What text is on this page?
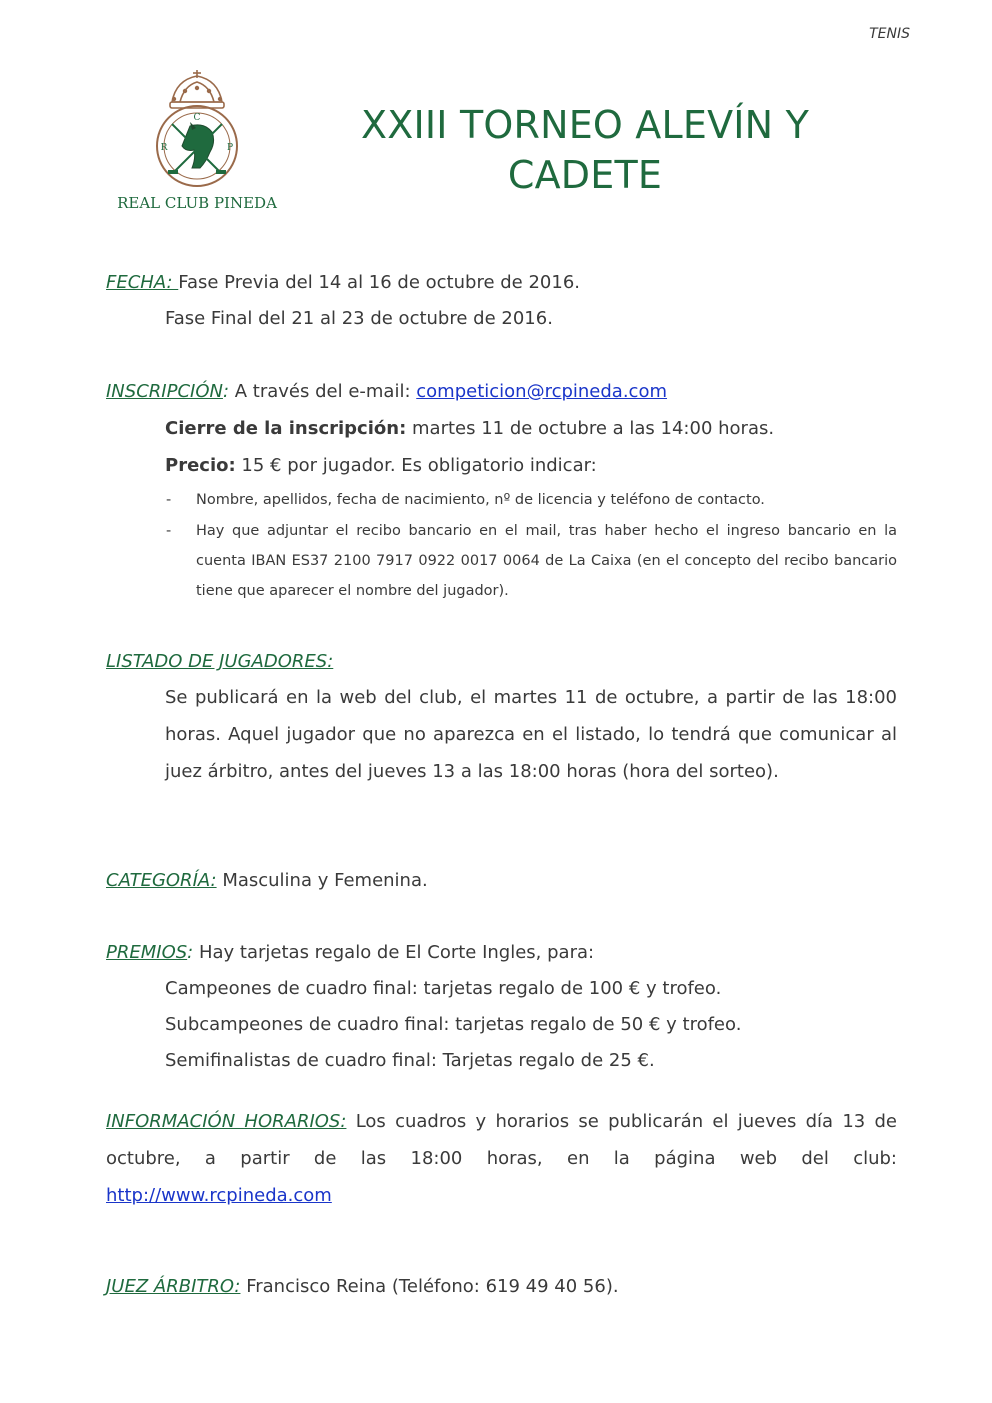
TENIS
C
R	P
REAL CLUB PINEDA
XXIII TORNEO ALEVÍN Y
CADETE
FECHA: Fase Previa del 14 al 16 de octubre de 2016.
Fase Final del 21 al 23 de octubre de 2016.
INSCRIPCIÓN: A través del e-mail: competicion@rcpineda.com
Cierre de la inscripción: martes 11 de octubre a las 14:00 horas.
Precio: 15 € por jugador. Es obligatorio indicar:
- Nombre, apellidos, fecha de nacimiento, nº de licencia y teléfono de contacto.
- Hay que adjuntar el recibo bancario en el mail, tras haber hecho el ingreso bancario en la cuenta IBAN ES37 2100 7917 0922 0017 0064 de La Caixa (en el concepto del recibo bancario tiene que aparecer el nombre del jugador).
LISTADO DE JUGADORES:
Se publicará en la web del club, el martes 11 de octubre, a partir de las 18:00 horas. Aquel jugador que no aparezca en el listado, lo tendrá que comunicar al juez árbitro, antes del jueves 13 a las 18:00 horas (hora del sorteo).
CATEGORÍA: Masculina y Femenina.
PREMIOS: Hay tarjetas regalo de El Corte Ingles, para:
Campeones de cuadro final: tarjetas regalo de 100 € y trofeo.
Subcampeones de cuadro final: tarjetas regalo de 50 € y trofeo.
Semifinalistas de cuadro final: Tarjetas regalo de 25 €.
INFORMACIÓN HORARIOS: Los cuadros y horarios se publicarán el jueves día 13 de octubre, a partir de las 18:00 horas, en la página web del club: http://www.rcpineda.com
JUEZ ÁRBITRO: Francisco Reina (Teléfono: 619 49 40 56).
